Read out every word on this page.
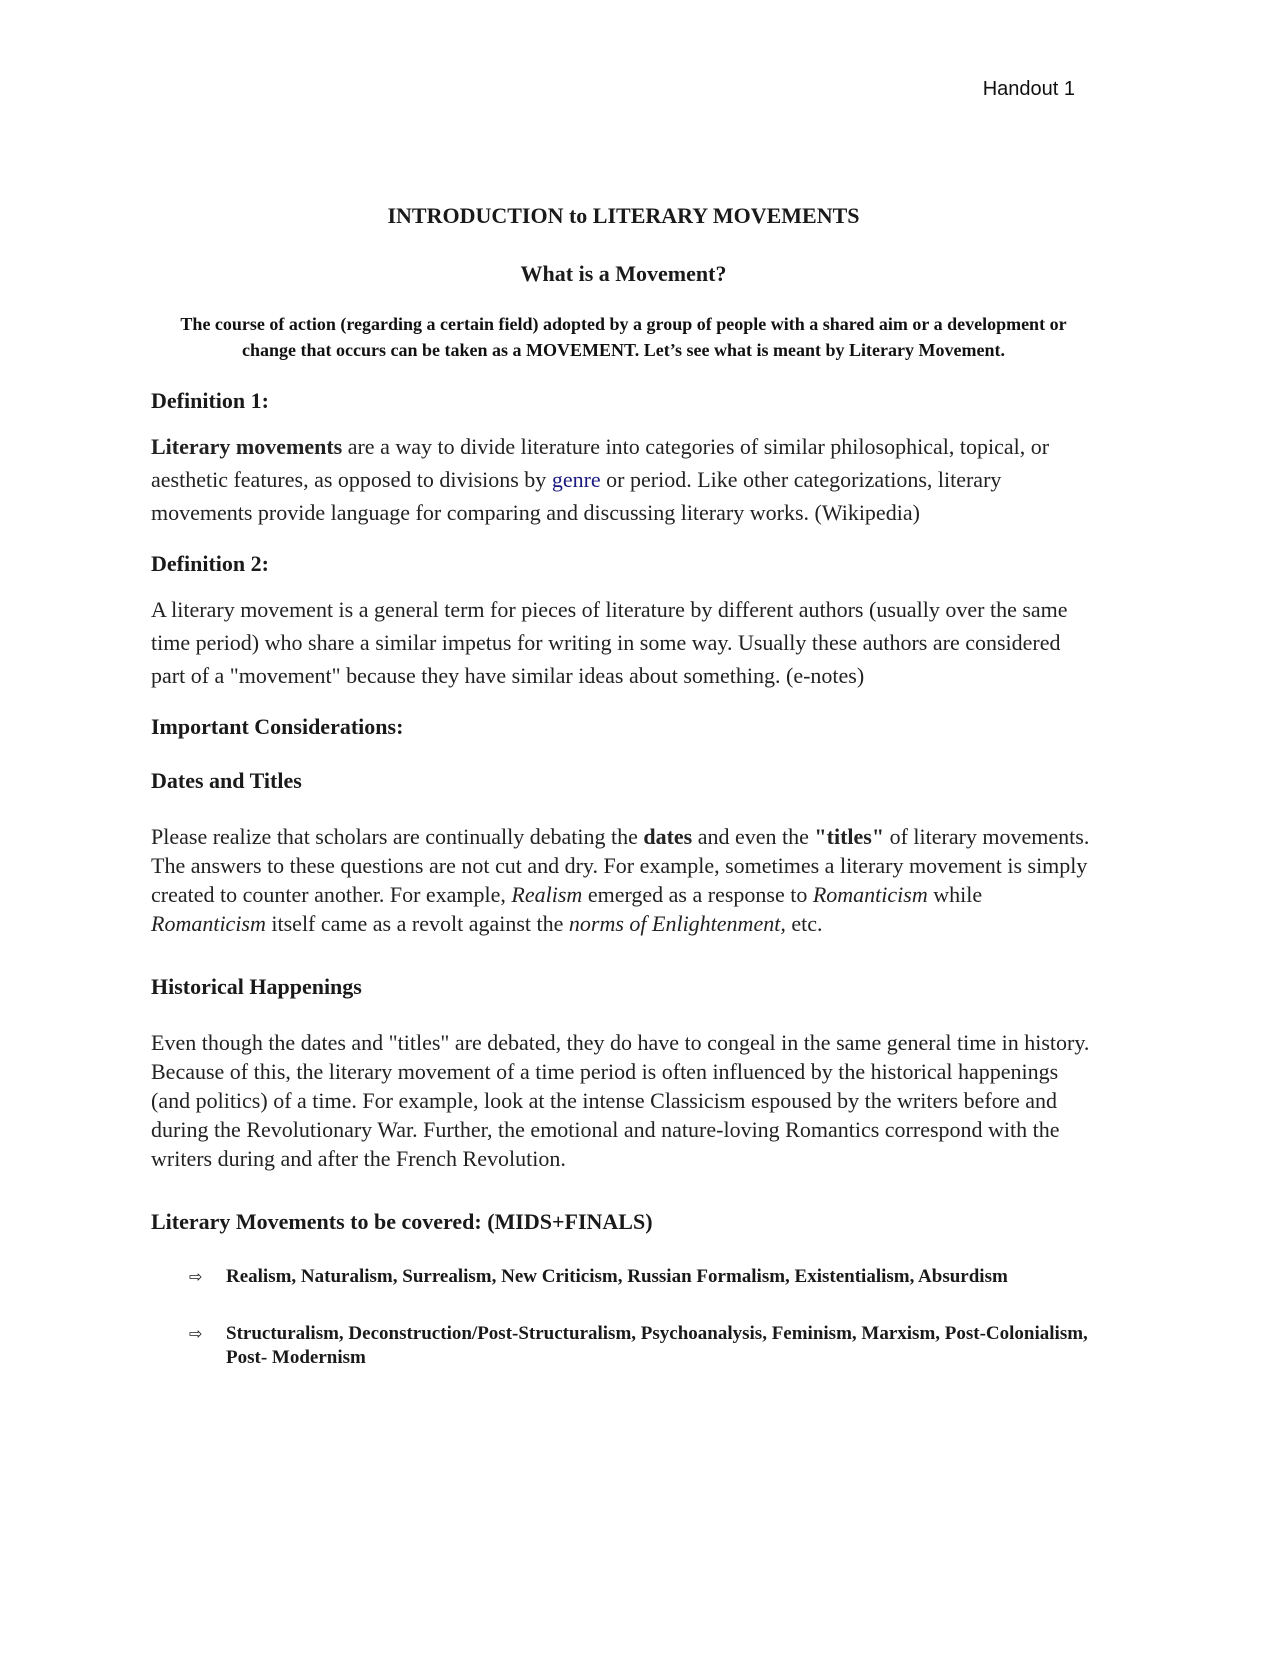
Handout 1
INTRODUCTION to LITERARY MOVEMENTS
What is a Movement?

The course of action (regarding a certain field) adopted by a group of people with a shared aim or a development or change that occurs can be taken as a MOVEMENT. Let’s see what is meant by Literary Movement.

Definition 1:

Literary movements are a way to divide literature into categories of similar philosophical, topical, or aesthetic features, as opposed to divisions by genre or period. Like other categorizations, literary movements provide language for comparing and discussing literary works. (Wikipedia)

Definition 2:

A literary movement is a general term for pieces of literature by different authors (usually over the same time period) who share a similar impetus for writing in some way. Usually these authors are considered part of a "movement" because they have similar ideas about something. (e-notes)

Important Considerations:
Dates and Titles

Please realize that scholars are continually debating the dates and even the "titles" of literary movements. The answers to these questions are not cut and dry. For example, sometimes a literary movement is simply created to counter another. For example, Realism emerged as a response to Romanticism while Romanticism itself came as a revolt against the norms of Enlightenment, etc.

Historical Happenings

Even though the dates and "titles" are debated, they do have to congeal in the same general time in history. Because of this, the literary movement of a time period is often influenced by the historical happenings (and politics) of a time. For example, look at the intense Classicism espoused by the writers before and during the Revolutionary War. Further, the emotional and nature-loving Romantics correspond with the writers during and after the French Revolution.

Literary Movements to be covered: (MIDS+FINALS)
⇨ Realism, Naturalism, Surrealism, New Criticism, Russian Formalism, Existentialism, Absurdism
⇨ Structuralism, Deconstruction/Post-Structuralism, Psychoanalysis, Feminism, Marxism, Post-Colonialism, Post- Modernism
